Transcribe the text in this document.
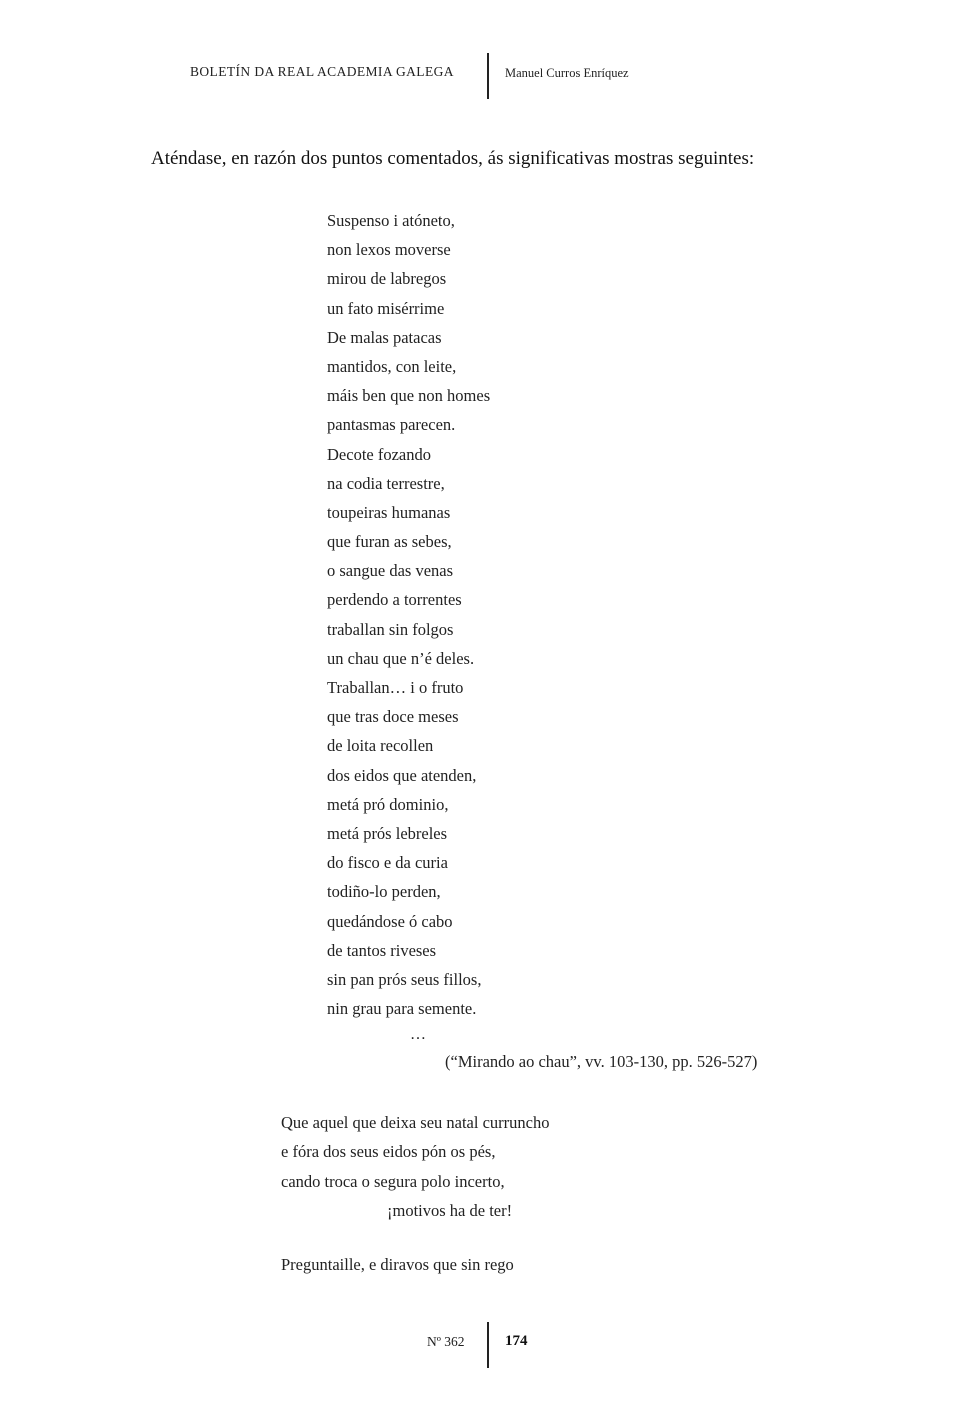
BOLETÍN DA REAL ACADEMIA GALEGA	Manuel Curros Enríquez
Aténdase, en razón dos puntos comentados, ás significativas mostras seguintes:
Suspenso i atóneto,
non lexos moverse
mirou de labregos
un fato misérrime
De malas patacas
mantidos, con leite,
máis ben que non homes
pantasmas parecen.
Decote fozando
na codia terrestre,
toupeiras humanas
que furan as sebes,
o sangue das venas
perdendo a torrentes
traballan sin folgos
un chau que n’é deles.
Traballan… i o fruto
que tras doce meses
de loita recollen
dos eidos que atenden,
metá pró dominio,
metá prós lebreles
do fisco e da curia
todiño-lo perden,
quedándose ó cabo
de tantos riveses
sin pan prós seus fillos,
nin grau para semente.
…
(“Mirando ao chau”, vv. 103-130, pp. 526-527)
Que aquel que deixa seu natal curruncho
e fóra dos seus eidos pón os pés,
cando troca o segura polo incerto,
¡motivos ha de ter!
Preguntaille, e diravos que sin rego
Nº 362	174
